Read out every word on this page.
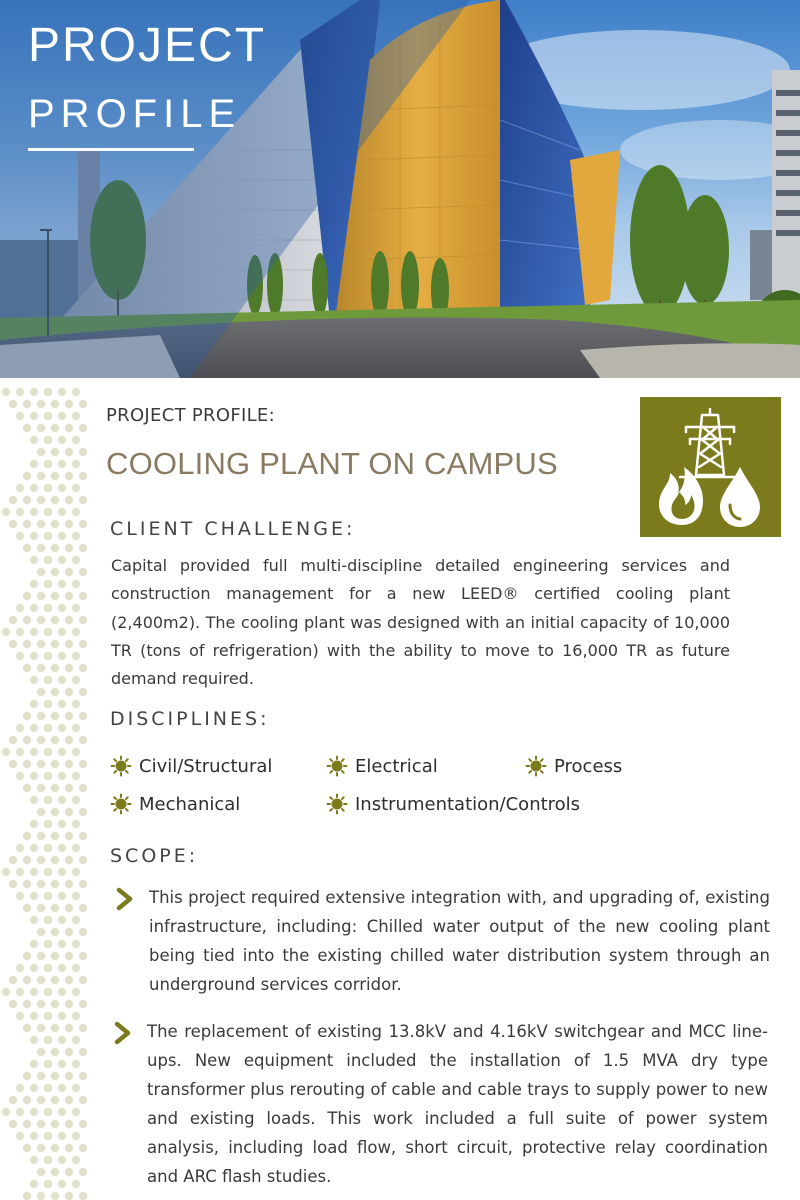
PROJECT
PROFILE
PROJECT PROFILE:
COOLING PLANT ON CAMPUS
CLIENT CHALLENGE:

Capital provided full multi-discipline detailed engineering services and construction management for a new LEED® certified cooling plant (2,400m2). The cooling plant was designed with an initial capacity of 10,000 TR (tons of refrigeration) with the ability to move to 16,000 TR as future demand required.

DISCIPLINES:
Civil/Structural	Electrical	Process
Mechanical	Instrumentation/Controls
SCOPE:

This project required extensive integration with, and upgrading of, existing infrastructure, including: Chilled water output of the new cooling plant being tied into the existing chilled water distribution system through an underground services corridor.

The replacement of existing 13.8kV and 4.16kV switchgear and MCC line-ups. New equipment included the installation of 1.5 MVA dry type transformer plus rerouting of cable and cable trays to supply power to new and existing loads. This work included a full suite of power system analysis, including load flow, short circuit, protective relay coordination and ARC flash studies.
